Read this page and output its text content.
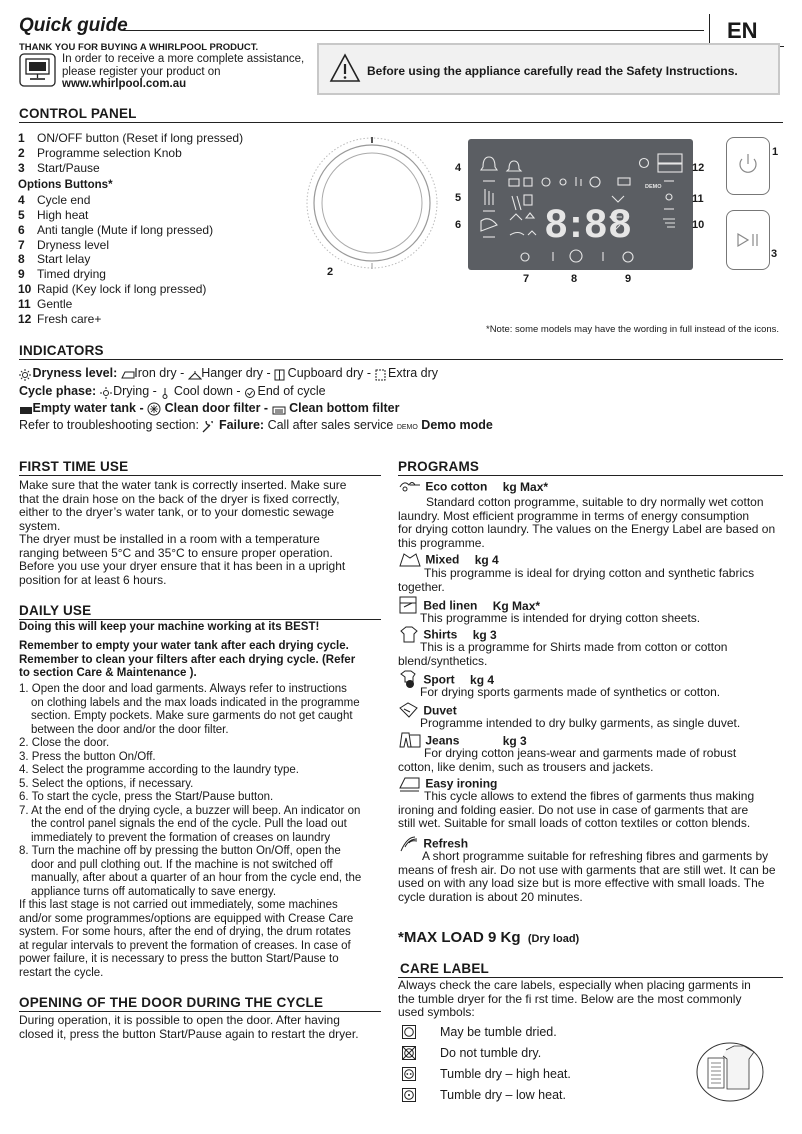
Quick guide	EN
THANK YOU FOR BUYING A WHIRLPOOL PRODUCT.
In order to receive a more complete assistance,
please register your product on
www.whirlpool.com.au
Before using the appliance carefully read the Safety Instructions.
CONTROL PANEL
1 ON/OFF button (Reset if long pressed)
2 Programme selection Knob
3 Start/Pause
Options Buttons*
4 Cycle end
5 High heat
6 Anti tangle (Mute if long pressed)
7 Dryness level
8 Start lelay
9 Timed drying
10 Rapid (Key lock if long pressed)
11 Gentle
12 Fresh care+
2
8:88
DEMO
4
5
6
7	8	9
12
11
10
1
3
*Note: some models may have the wording in full instead of the icons.
INDICATORS
Dryness level: Iron dry - Hanger dry - Cupboard dry - Extra dry
Cycle phase: Drying - Cool down - End of cycle
Empty water tank - Clean door filter - Clean bottom filter
Refer to troubleshooting section: Failure: Call after sales service DEMO Demo mode
FIRST TIME USE

Make sure that the water tank is correctly inserted. Make sure

that the drain hose on the back of the dryer is fixed correctly,

either to the dryer’s water tank, or to your domestic sewage

system.

The dryer must be installed in a room with a temperature

ranging between 5°C and 35°C to ensure proper operation.

Before you use your dryer ensure that it has been in a upright

position for at least 6 hours.

DAILY USE
Doing this will keep your machine working at its BEST!

Remember to empty your water tank after each drying cycle.

Remember to clean your filters after each drying cycle. (Refer

to section Care & Maintenance ).

1. Open the door and load garments. Always refer to instructions

on clothing labels and the max loads indicated in the programme

section. Empty pockets. Make sure garments do not get caught

between the door and/or the door filter.

2. Close the door.

3. Press the button On/Off.

4. Select the programme according to the laundry type.

5. Select the options, if necessary.

6. To start the cycle, press the Start/Pause button.

7. At the end of the drying cycle, a buzzer will beep. An indicator on

the control panel signals the end of the cycle. Pull the load out

immediately to prevent the formation of creases on laundry

8. Turn the machine off by pressing the button On/Off, open the

door and pull clothing out. If the machine is not switched off

manually, after about a quarter of an hour from the cycle end, the

appliance turns off automatically to save energy.

If this last stage is not carried out immediately, some machines

and/or some programmes/options are equipped with Crease Care

system. For some hours, after the end of drying, the drum rotates

at regular intervals to prevent the formation of creases. In case of

power failure, it is necessary to press the button Start/Pause to

restart the cycle.

OPENING OF THE DOOR DURING THE CYCLE

During operation, it is possible to open the door. After having

closed it, press the button Start/Pause again to restart the dryer.

PROGRAMS
Eco cotton kg Max*
Standard cotton programme, suitable to dry normally wet cotton
laundry. Most efficient programme in terms of energy consumption
for drying cotton laundry. The values on the Energy Label are based on
this programme.
Mixed kg 4
This programme is ideal for drying cotton and synthetic fabrics
together.
Bed linen Kg Max*
This programme is intended for drying cotton sheets.
Shirts kg 3
This is a programme for Shirts made from cotton or cotton
blend/synthetics.
Sport kg 4
For drying sports garments made of synthetics or cotton.
Duvet
Programme intended to dry bulky garments, as single duvet.
Jeans	kg 3
For drying cotton jeans-wear and garments made of robust
cotton, like denim, such as trousers and jackets.
Easy ironing
This cycle allows to extend the fibres of garments thus making
ironing and folding easier. Do not use in case of garments that are
still wet. Suitable for small loads of cotton textiles or cotton blends.
Refresh
A short programme suitable for refreshing fibres and garments by
means of fresh air. Do not use with garments that are still wet. It can be
used on with any load size but is more effective with small loads. The
cycle duration is about 20 minutes.
*MAX LOAD 9 Kg (Dry load)
CARE LABEL

Always check the care labels, especially when placing garments in

the tumble dryer for the fi rst time. Below are the most commonly

used symbols:

May be tumble dried.
Do not tumble dry.
Tumble dry – high heat.
Tumble dry – low heat.
